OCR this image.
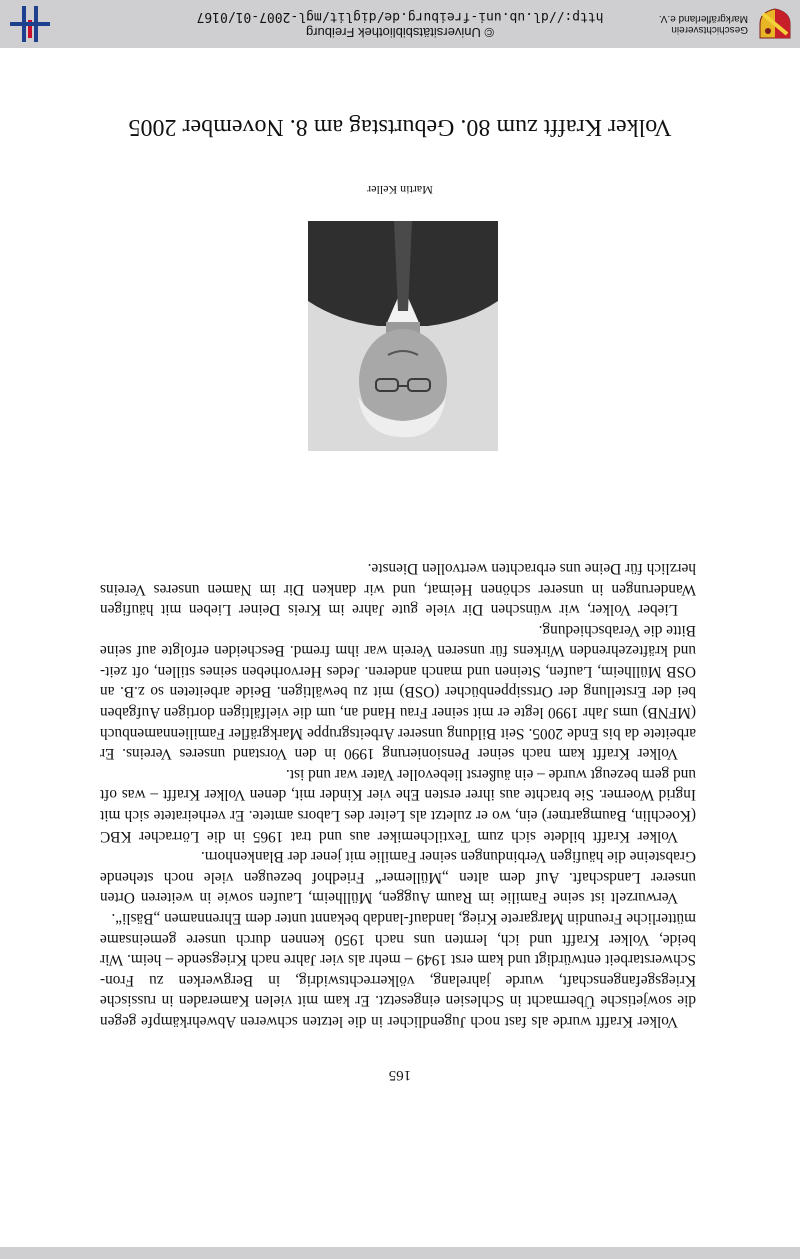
Geschichtsverein
Markgräflerland e.V.
© Universitätsbibliothek Freiburg
http://dl.ub.uni-freiburg.de/diglit/mgl-2007-01/0167
Volker Krafft zum 80. Geburtstag am 8. November 2005
Martin Keller

Volker Krafft wurde als fast noch Jugendlicher in die letzten schweren Abwehrkämpfe gegen die sowjetische Übermacht in Schlesien eingesetzt. Er kam mit vielen Kameraden in russische Kriegsgefangenschaft, wurde jahrelang, völkerrechtswidrig, in Bergwerken zu Fron-Schwerstarbeit entwürdigt und kam erst 1949 – mehr als vier Jahre nach Kriegsende – heim. Wir beide, Volker Krafft und ich, lernten uns nach 1950 kennen durch unsere gemeinsame mütterliche Freundin Margarete Krieg, landauf-landab bekannt unter dem Ehrennamen „Bäsli“.

Verwurzelt ist seine Familie im Raum Auggen, Müllheim, Laufen sowie in weiteren Orten unserer Landschaft. Auf dem alten „Müllemer“ Friedhof bezeugen viele noch stehende Grabsteine die häufigen Verbindungen seiner Familie mit jener der Blankenhorn.

Volker Krafft bildete sich zum Textilchemiker aus und trat 1965 in die Lörracher KBC (Koechlin, Baumgartner) ein, wo er zuletzt als Leiter des Labors amtete. Er verheiratete sich mit Ingrid Woerner. Sie brachte aus ihrer ersten Ehe vier Kinder mit, denen Volker Krafft – was oft und gern bezeugt wurde – ein äußerst liebevoller Vater war und ist.

Volker Krafft kam nach seiner Pensionierung 1990 in den Vorstand unseres Vereins. Er arbeitete da bis Ende 2005. Seit Bildung unserer Arbeitsgruppe Markgräfler Familiennamenbuch (MFNB) ums Jahr 1990 legte er mit seiner Frau Hand an, um die vielfältigen dortigen Aufgaben bei der Erstellung der Ortssippenbücher (OSB) mit zu bewältigen. Beide arbeiteten so z.B. an OSB Müllheim, Laufen, Steinen und manch anderen. Jedes Hervorheben seines stillen, oft zeit- und kräftezehrenden Wirkens für unseren Verein war ihm fremd. Bescheiden erfolgte auf seine Bitte die Verabschiedung.

Lieber Volker, wir wünschen Dir viele gute Jahre im Kreis Deiner Lieben mit häufigen Wanderungen in unserer schönen Heimat, und wir danken Dir im Namen unseres Vereins herzlich für Deine uns erbrachten wertvollen Dienste.

165
